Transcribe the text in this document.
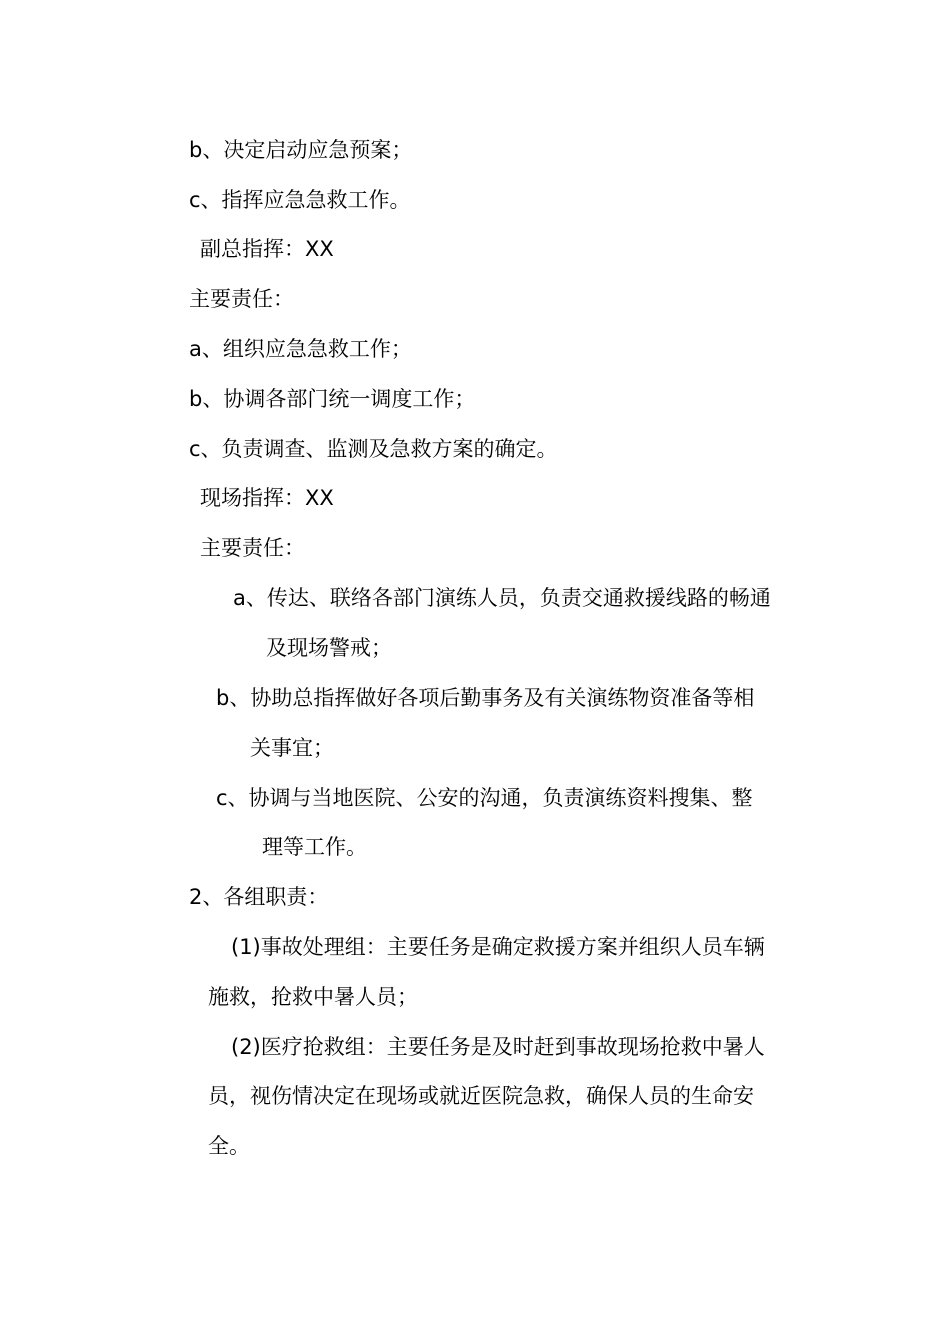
b、决定启动应急预案；
c、指挥应急急救工作。
副总指挥：XX
主要责任：
a、组织应急急救工作；
b、协调各部门统一调度工作；
c、负责调查、监测及急救方案的确定。
现场指挥：XX
主要责任：
a、传达、联络各部门演练人员，负责交通救援线路的畅通
及现场警戒；
b、协助总指挥做好各项后勤事务及有关演练物资准备等相
关事宜；
c、协调与当地医院、公安的沟通，负责演练资料搜集、整
理等工作。
2、各组职责：
(1)事故处理组：主要任务是确定救援方案并组织人员车辆
施救，抢救中暑人员；
(2)医疗抢救组：主要任务是及时赶到事故现场抢救中暑人
员，视伤情决定在现场或就近医院急救，确保人员的生命安
全。
